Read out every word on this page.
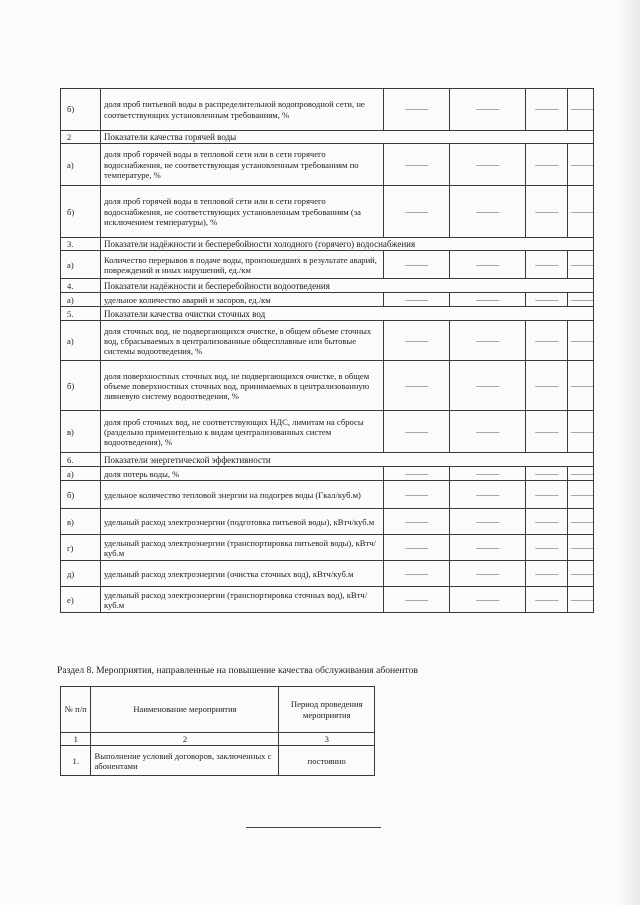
б)	доля проб питьевой воды в распределительной водопроводной сети, не соответствующих установленным требованиям, %	———	———	———	———
2	Показатели качества горячей воды				
а)	доля проб горячей воды в тепловой сети или в сети горячего водоснабжения, не соответствующая установленным требованиям по температуре, %	———	———	———	———
б)	доля проб горячей воды в тепловой сети или в сети горячего водоснабжения, не соответствующих установленным требованиям (за исключением температуры), %	———	———	———	———
3.	Показатели надёжности и бесперебойности холодного (горячего) водоснабжения				
а)	Количество перерывов в подаче воды, произошедших в результате аварий, повреждений и иных нарушений, ед./км	———	———	———	———
4.	Показатели надёжности и бесперебойности водоотведения				
а)	удельное количество аварий и засоров, ед./км	———	———	———	———
5.	Показатели качества очистки сточных вод				
а)	доля сточных вод, не подвергающихся очистке, в общем объеме сточных вод, сбрасываемых в централизованные общесплавные или бытовые системы водоотведения, %	———	———	———	———
б)	доля поверхностных сточных вод, не подвергающихся очистке, в общем объеме поверхностных сточных вод, принимаемых в централизованную ливневую систему водоотведения, %	———	———	———	———
в)	доля проб сточных вод, не соответствующих НДС, лимитам на сбросы (раздельно применительно к видам централизованных систем водоотведения), %	———	———	———	———
6.	Показатели энергетической эффективности				
а)	доля потерь воды, %	———	———	———	———
б)	удельное количество тепловой энергии на подогрев воды (Гкал/куб.м)	———	———	———	———
в)	удельный расход электроэнергии (подготовка питьевой воды), кВтч/куб.м	———	———	———	———
г)	удельный расход электроэнергии (транспортировка питьевой воды), кВтч/куб.м	———	———	———	———
д)	удельный расход электроэнергии (очистка сточных вод), кВтч/куб.м	———	———	———	———
е)	удельный расход электроэнергии (транспортировка сточных вод), кВтч/куб.м	———	———	———	———
Раздел 8. Мероприятия, направленные на повышение качества обслуживания абонентов
№ п/п	Наименование мероприятия	Период проведения мероприятия
1	2	3
1.	Выполнение условий договоров, заключенных с абонентами	постоянно
